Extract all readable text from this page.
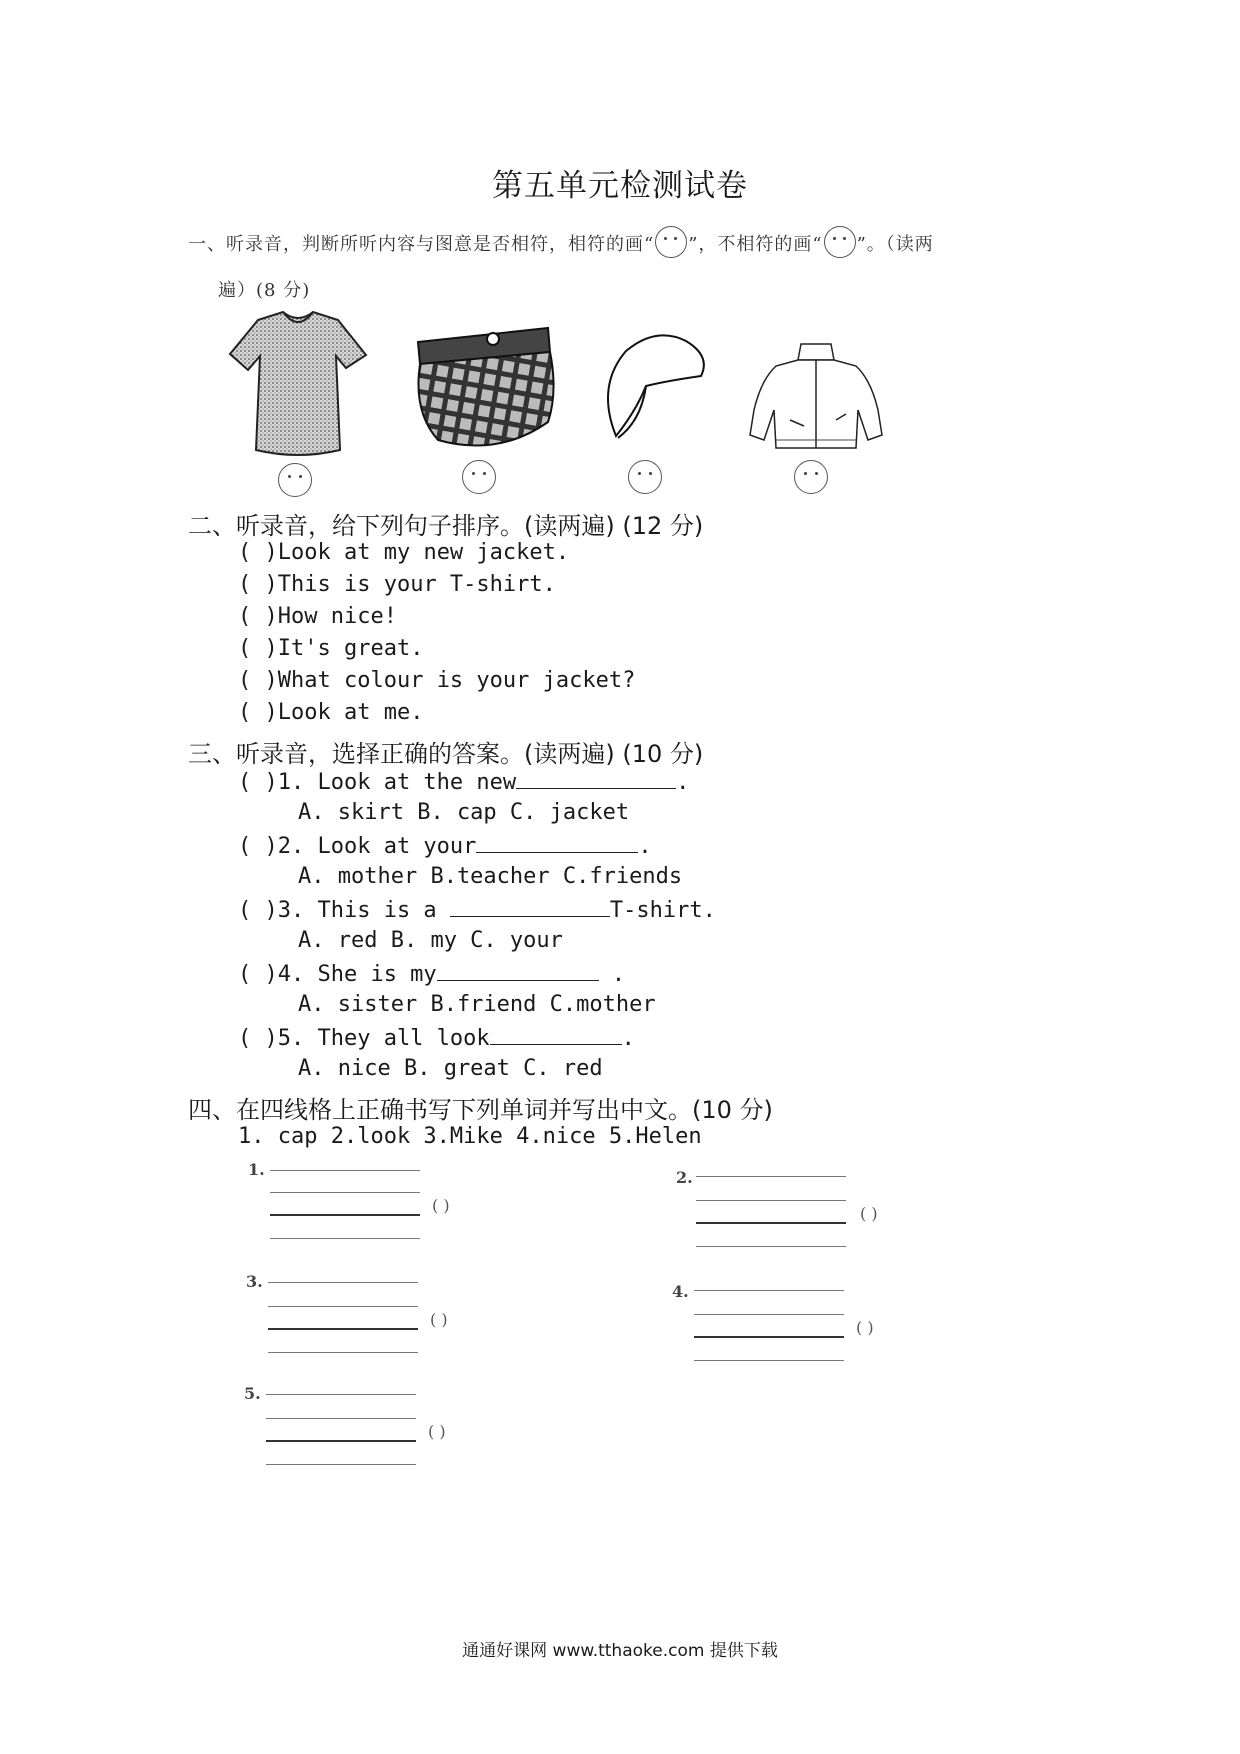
第五单元检测试卷
一、听录音，判断所听内容与图意是否相符，相符的画“ ”，不相符的画“ ”。（读两
遍）(8 分)
二、听录音，给下列句子排序。(读两遍) (12 分)
( )Look at my new jacket.
( )This is your T-shirt.
( )How nice!
( )It's great.
( )What colour is your jacket?
( )Look at me.
三、听录音，选择正确的答案。(读两遍) (10 分)
( )1. Look at the new	.
A. skirt B. cap C. jacket
( )2. Look at your	.
A. mother B.teacher C.friends
( )3. This is a	T-shirt.
A. red B. my C. your
( )4. She is my	.
A. sister B.friend C.mother
( )5. They all look	.
A. nice B. great C. red
四、在四线格上正确书写下列单词并写出中文。(10 分)
1. cap 2.look 3.Mike 4.nice 5.Helen
1.
( )
2.
( )
3.
( )
4.
( )
5.
( )
通通好课网 www.tthaoke.com 提供下载
